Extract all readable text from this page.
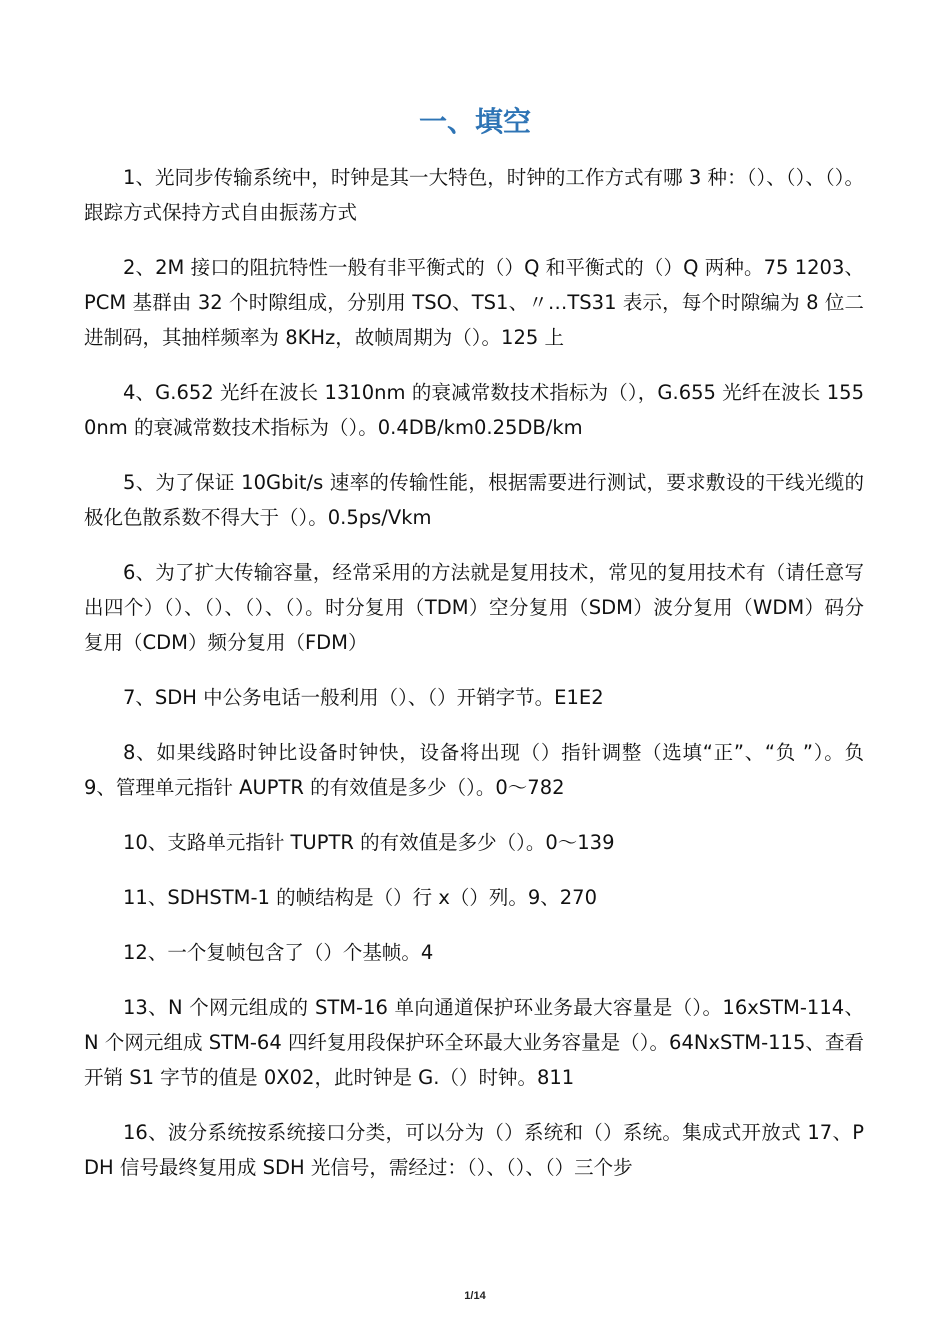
一、填空

1、光同步传输系统中，时钟是其一大特色，时钟的工作方式有哪 3 种：（）、（）、（）。跟踪方式保持方式自由振荡方式

2、2M 接口的阻抗特性一般有非平衡式的（）Q 和平衡式的（）Q 两种。75 1203、PCM 基群由 32 个时隙组成，分别用 TSO、TS1、〃…TS31 表示，每个时隙编为 8 位二进制码，其抽样频率为 8KHz，故帧周期为（）。125 上

4、G.652 光纤在波长 1310nm 的衰减常数技术指标为（），G.655 光纤在波长 1550nm 的衰减常数技术指标为（）。0.4DB/km0.25DB/km

5、为了保证 10Gbit/s 速率的传输性能，根据需要进行测试，要求敷设的干线光缆的极化色散系数不得大于（）。0.5ps/Vkm

6、为了扩大传输容量，经常采用的方法就是复用技术，常见的复用技术有（请任意写出四个）（）、（）、（）、（）。时分复用（TDM）空分复用（SDM）波分复用（WDM）码分复用（CDM）频分复用（FDM）

7、SDH 中公务电话一般利用（）、（）开销字节。E1E2

8、如果线路时钟比设备时钟快，设备将出现（）指针调整（选填“正”、“负 ”）。负 9、管理单元指针 AUPTR 的有效值是多少（）。0〜782

10、支路单元指针 TUPTR 的有效值是多少（）。0〜139

11、SDHSTM-1 的帧结构是（）行 x（）列。9、270

12、一个复帧包含了（）个基帧。4

13、N 个网元组成的 STM-16 单向通道保护环业务最大容量是（）。16xSTM-114、N 个网元组成 STM-64 四纤复用段保护环全环最大业务容量是（）。64NxSTM-115、查看开销 S1 字节的值是 0X02，此时钟是 G.（）时钟。811

16、波分系统按系统接口分类，可以分为（）系统和（）系统。集成式开放式 17、PDH 信号最终复用成 SDH 光信号，需经过：（）、（）、（）三个步

1/14
